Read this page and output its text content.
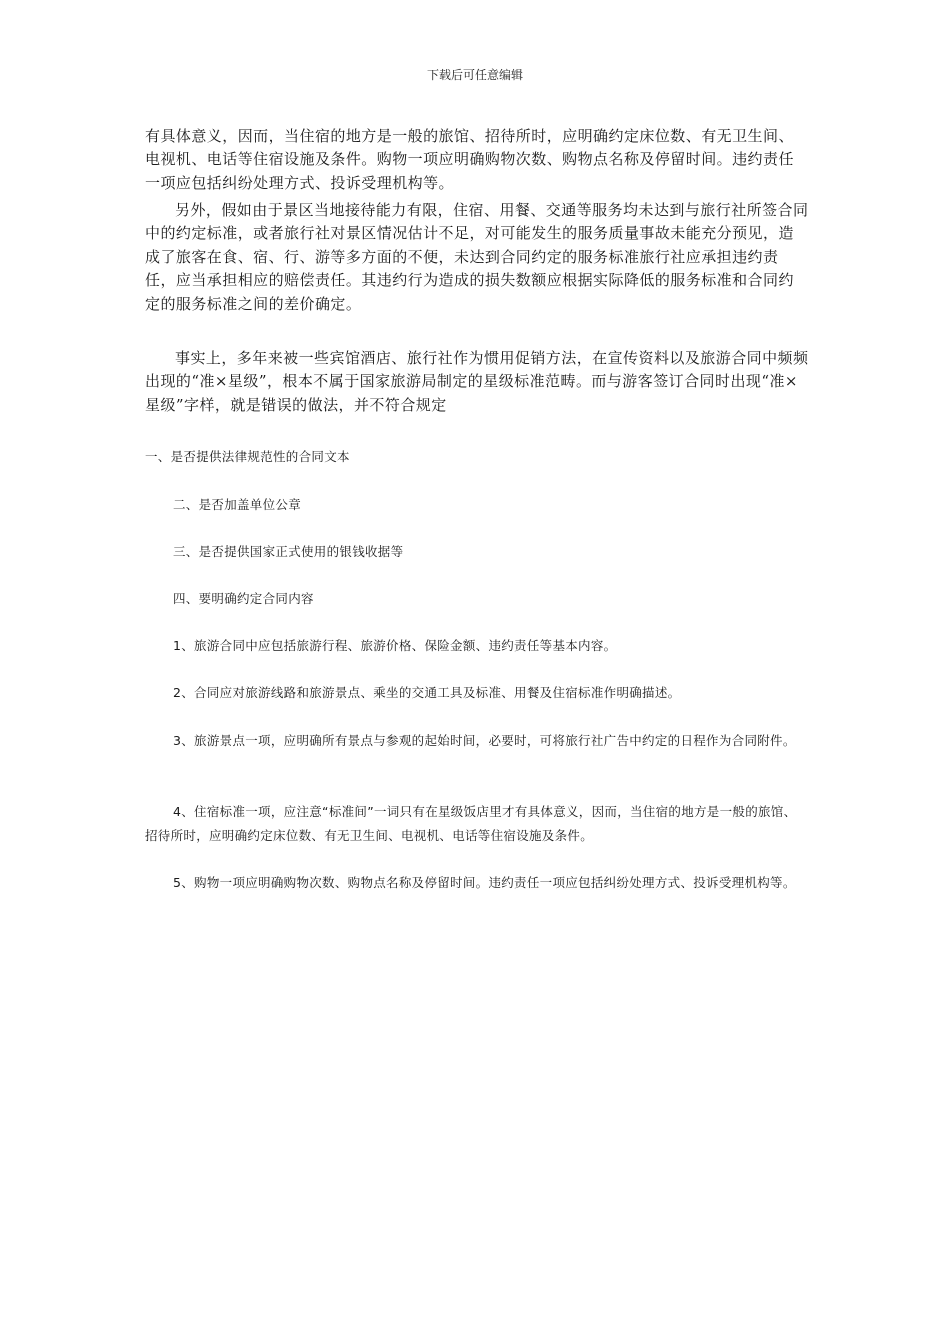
下载后可任意编辑

有具体意义，因而，当住宿的地方是一般的旅馆、招待所时，应明确约定床位数、有无卫生间、电视机、电话等住宿设施及条件。购物一项应明确购物次数、购物点名称及停留时间。违约责任一项应包括纠纷处理方式、投诉受理机构等。

另外，假如由于景区当地接待能力有限，住宿、用餐、交通等服务均未达到与旅行社所签合同中的约定标准，或者旅行社对景区情况估计不足，对可能发生的服务质量事故未能充分预见，造成了旅客在食、宿、行、游等多方面的不便，未达到合同约定的服务标准旅行社应承担违约责任，应当承担相应的赔偿责任。其违约行为造成的损失数额应根据实际降低的服务标准和合同约定的服务标准之间的差价确定。

事实上，多年来被一些宾馆酒店、旅行社作为惯用促销方法，在宣传资料以及旅游合同中频频出现的“准×星级”，根本不属于国家旅游局制定的星级标准范畴。而与游客签订合同时出现“准×星级”字样，就是错误的做法，并不符合规定

一、是否提供法律规范性的合同文本

二、是否加盖单位公章

三、是否提供国家正式使用的银钱收据等

四、要明确约定合同内容

1、旅游合同中应包括旅游行程、旅游价格、保险金额、违约责任等基本内容。

2、合同应对旅游线路和旅游景点、乘坐的交通工具及标准、用餐及住宿标准作明确描述。

3、旅游景点一项，应明确所有景点与参观的起始时间，必要时，可将旅行社广告中约定的日程作为合同附件。

4、住宿标准一项，应注意“标准间”一词只有在星级饭店里才有具体意义，因而，当住宿的地方是一般的旅馆、招待所时，应明确约定床位数、有无卫生间、电视机、电话等住宿设施及条件。

5、购物一项应明确购物次数、购物点名称及停留时间。违约责任一项应包括纠纷处理方式、投诉受理机构等。
